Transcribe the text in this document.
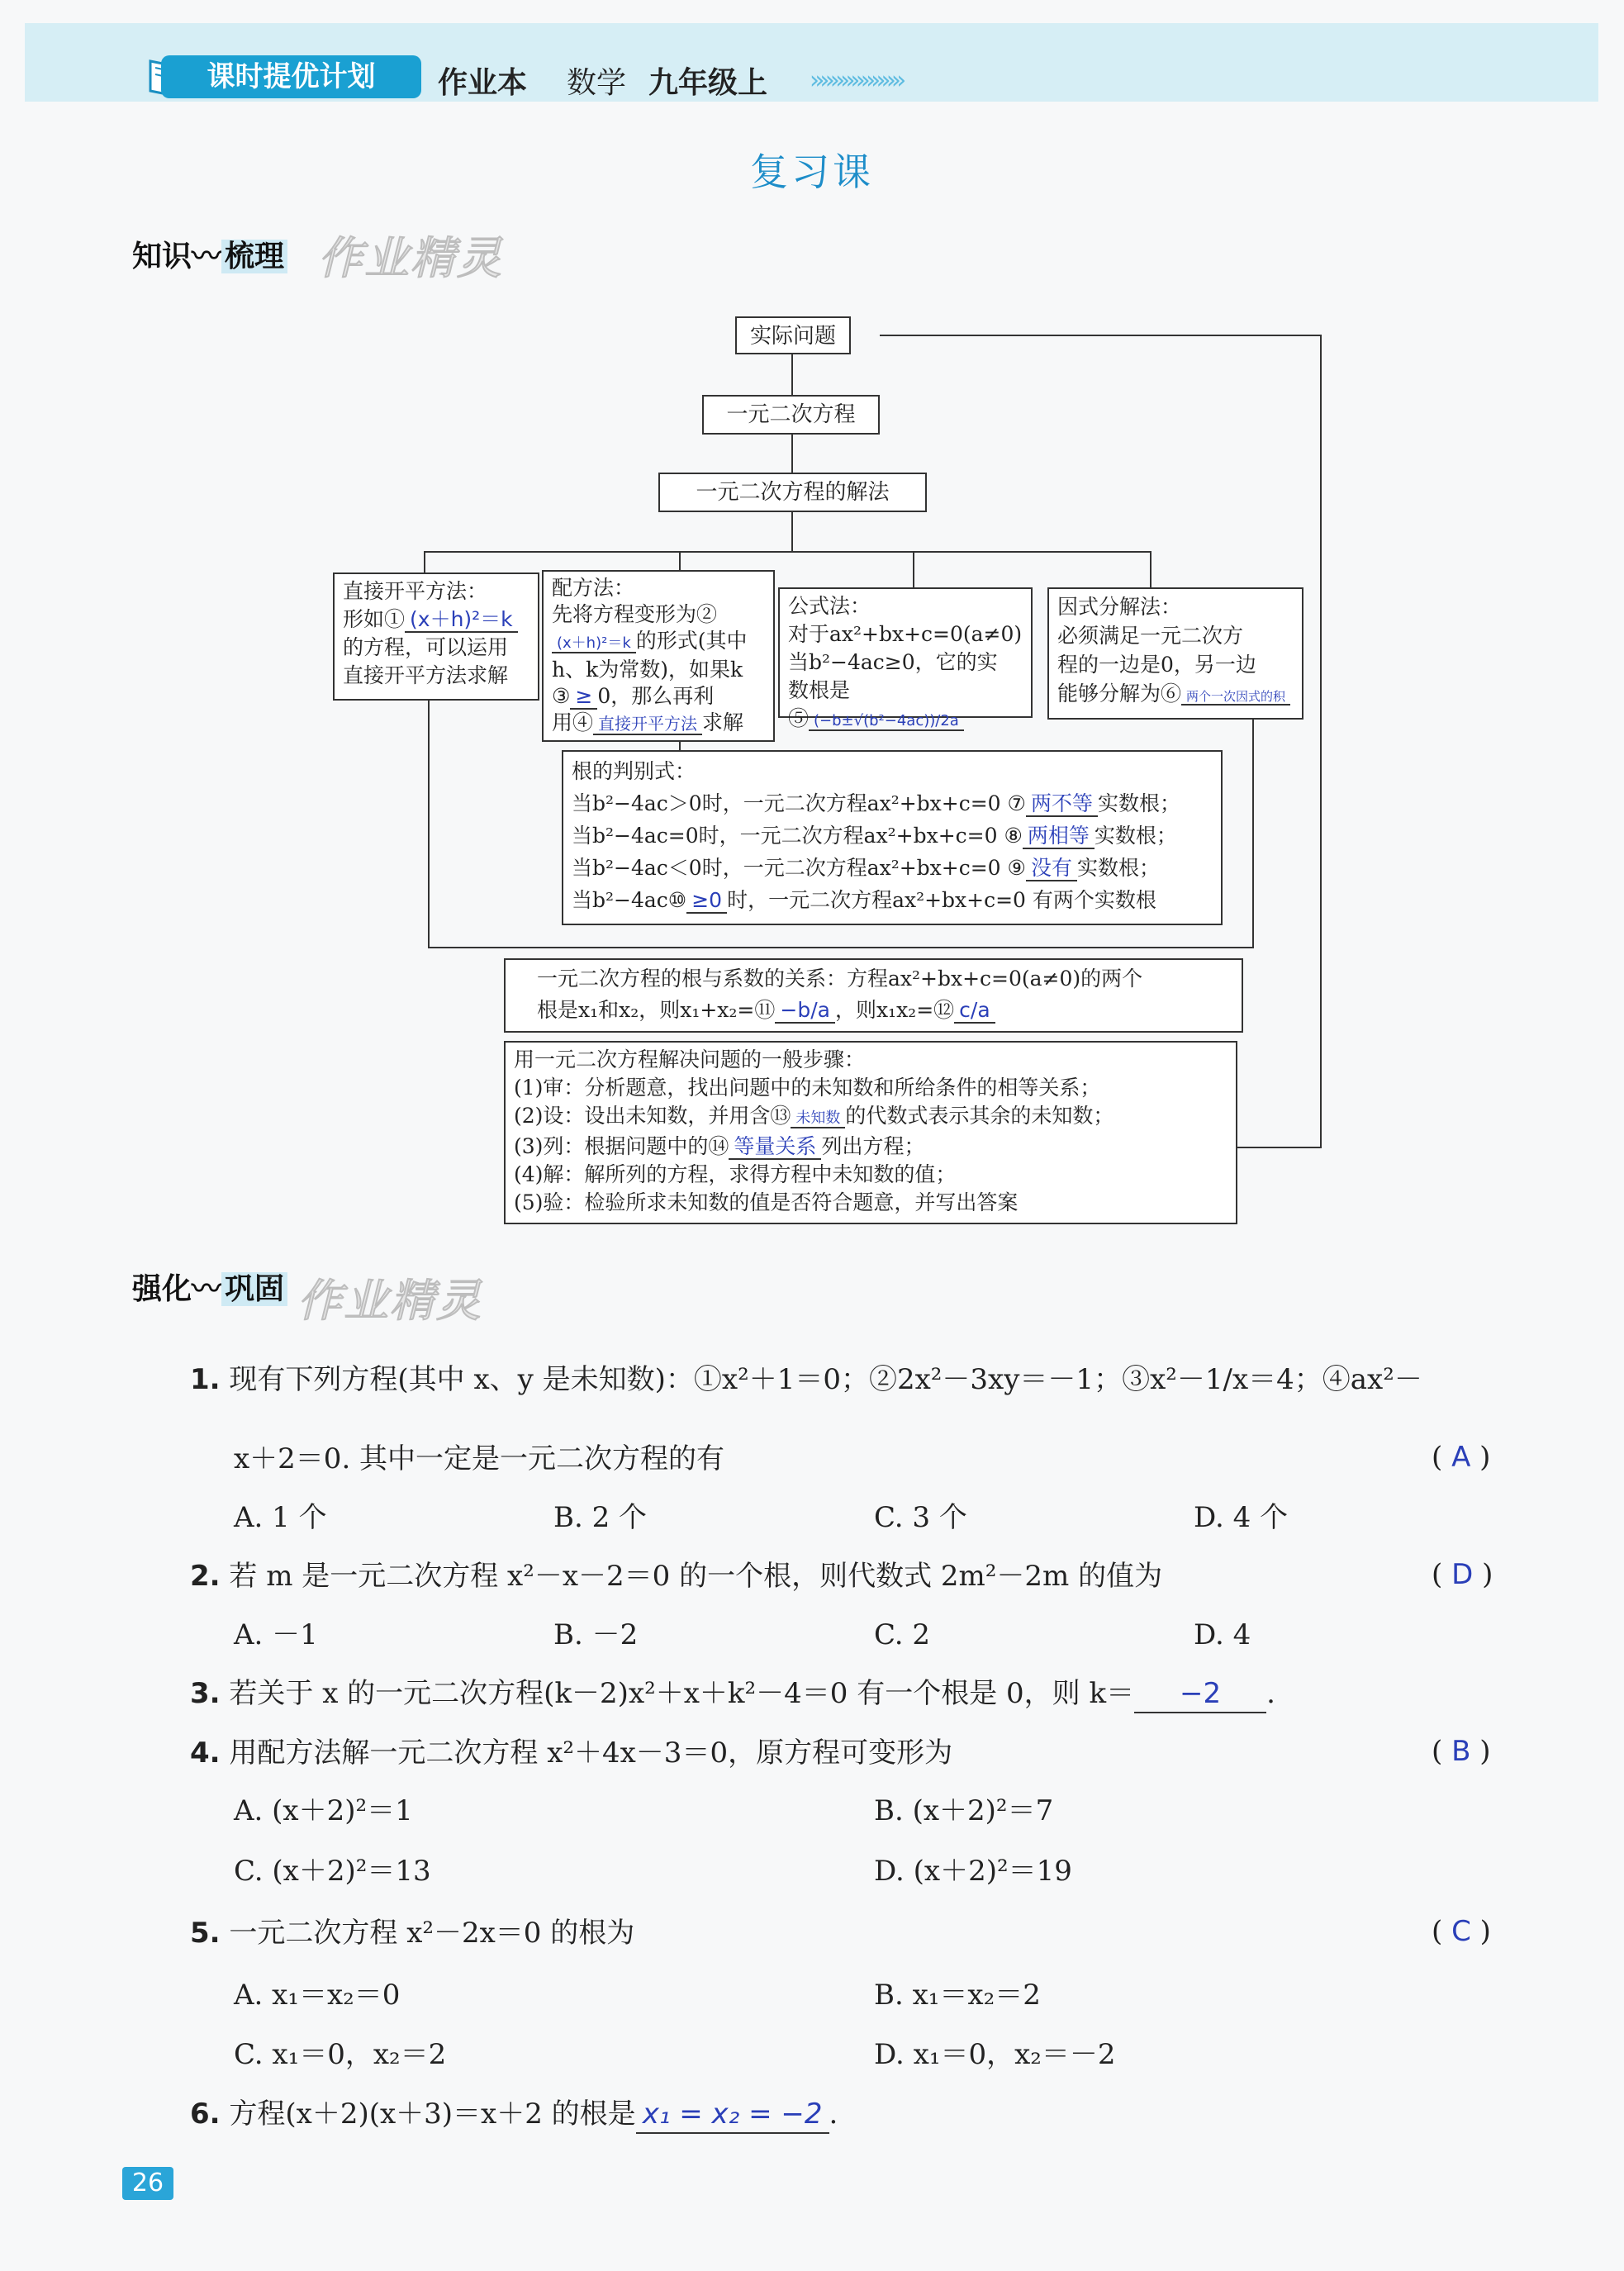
课时提优计划	作业本 数学 九年级上 »»»»»»»»»
复习课
知识〰 梳理 作业精灵
实际问题
一元二次方程
一元二次方程的解法
直接开平方法：
形如① (x＋h)²＝k
的方程，可以运用
直接开平方法求解
配方法：
先将方程变形为②
(x＋h)²＝k 的形式(其中
h、k为常数)，如果k
③ ≥ 0，那么再利
用④ 直接开平方法 求解
公式法：
对于ax²+bx+c=0(a≠0)
当b²−4ac≥0，它的实
数根是⑤ (−b±√(b²−4ac))/2a
因式分解法：
必须满足一元二次方
程的一边是0，另一边
能够分解为⑥ 两个一次因式的积
根的判别式：
当b²−4ac＞0时，一元二次方程ax²+bx+c=0 ⑦ 两不等 实数根；
当b²−4ac=0时，一元二次方程ax²+bx+c=0 ⑧ 两相等 实数根；
当b²−4ac＜0时，一元二次方程ax²+bx+c=0 ⑨ 没有 实数根；
当b²−4ac⑩ ≥0 时，一元二次方程ax²+bx+c=0 有两个实数根
一元二次方程的根与系数的关系：方程ax²+bx+c=0(a≠0)的两个
根是x₁和x₂，则x₁+x₂=⑪ −b/a ，则x₁x₂=⑫ c/a
用一元二次方程解决问题的一般步骤：
(1)审：分析题意，找出问题中的未知数和所给条件的相等关系；
(2)设：设出未知数，并用含⑬ 未知数 的代数式表示其余的未知数；
(3)列：根据问题中的⑭ 等量关系 列出方程；
(4)解：解所列的方程，求得方程中未知数的值；
(5)验：检验所求未知数的值是否符合题意，并写出答案
强化〰 巩固 作业精灵
1. 现有下列方程(其中 x、y 是未知数)：①x²＋1＝0；②2x²－3xy＝－1；③x²－1/x＝4；④ax²－
x＋2＝0. 其中一定是一元二次方程的有	( A )
A. 1 个	B. 2 个	C. 3 个	D. 4 个
2. 若 m 是一元二次方程 x²－x－2＝0 的一个根，则代数式 2m²－2m 的值为	( D )
A. －1	B. －2	C. 2	D. 4
3. 若关于 x 的一元二次方程(k－2)x²＋x＋k²－4＝0 有一个根是 0，则 k＝ −2 .
4. 用配方法解一元二次方程 x²＋4x－3＝0，原方程可变形为	( B )
A. (x＋2)²＝1	B. (x＋2)²＝7
C. (x＋2)²＝13	D. (x＋2)²＝19
5. 一元二次方程 x²－2x＝0 的根为	( C )
A. x₁＝x₂＝0	B. x₁＝x₂＝2
C. x₁＝0，x₂＝2	D. x₁＝0，x₂＝－2
6. 方程(x＋2)(x＋3)＝x＋2 的根是 x₁ = x₂ = −2 .
26
